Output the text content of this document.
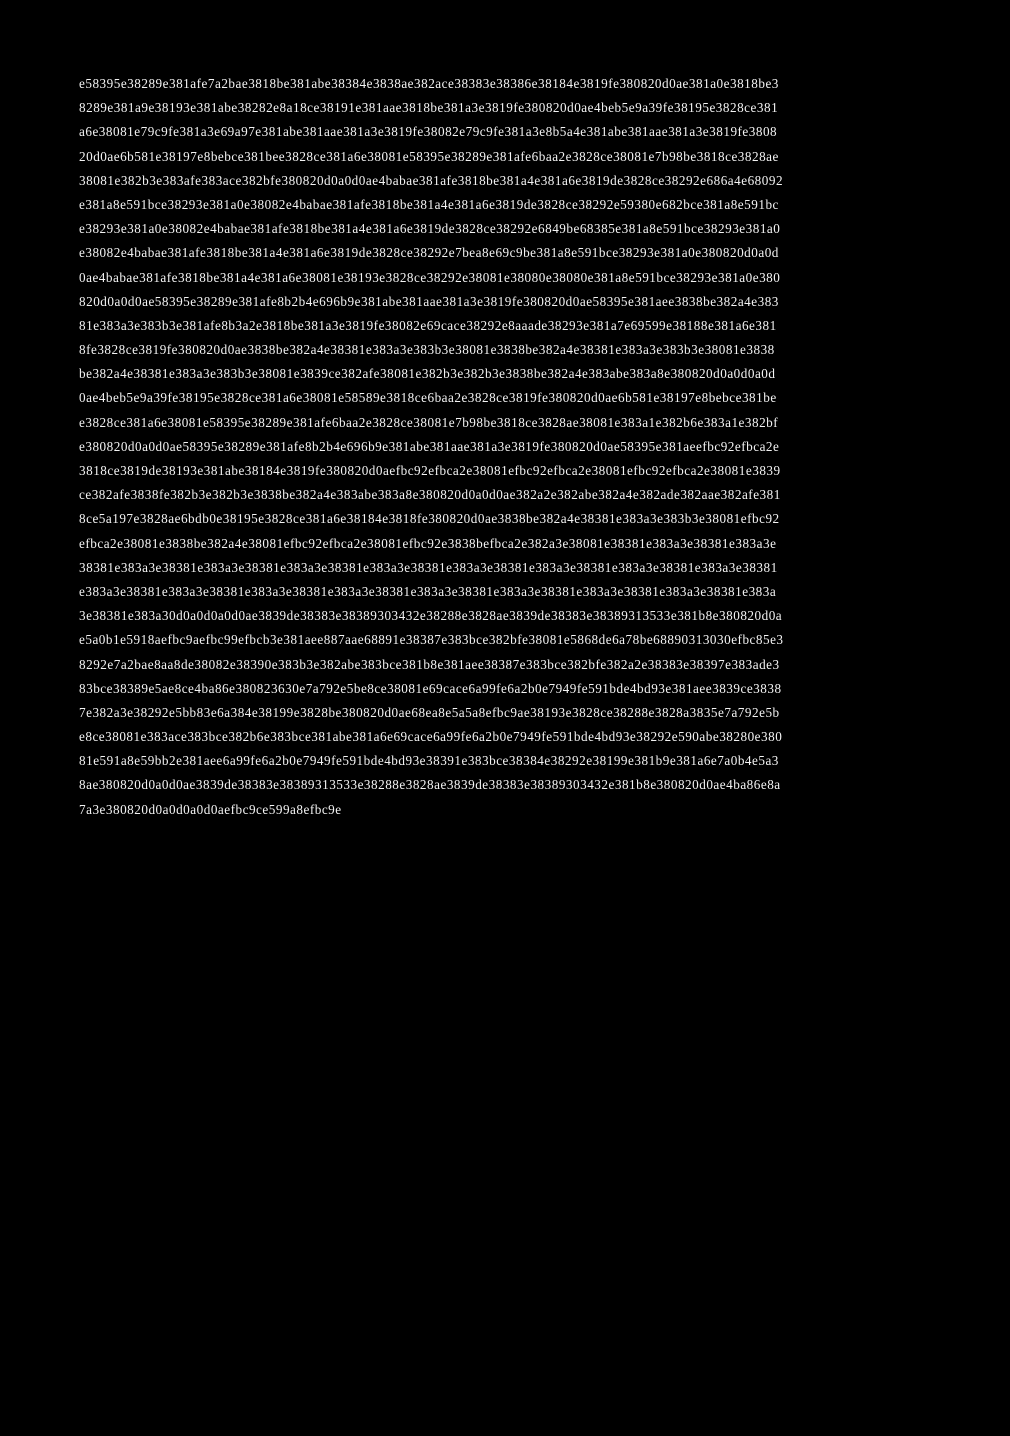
e58395e38289e381afe7a2bae3818be381abe38384e3838ae382ace38383e38386e38184e3819fe380820d0ae381a0e3818be3
8289e381a9e38193e381abe38282e8a18ce38191e381aae3818be381a3e3819fe380820d0ae4beb5e9a39fe38195e3828ce381
a6e38081e79c9fe381a3e69a97e381abe381aae381a3e3819fe38082e79c9fe381a3e8b5a4e381abe381aae381a3e3819fe3808
20d0ae6b581e38197e8bebce381bee3828ce381a6e38081e58395e38289e381afe6baa2e3828ce38081e7b98be3818ce3828ae
38081e382b3e383afe383ace382bfe380820d0a0d0ae4babae381afe3818be381a4e381a6e3819de3828ce38292e686a4e68092
e381a8e591bce38293e381a0e38082e4babae381afe3818be381a4e381a6e3819de3828ce38292e59380e682bce381a8e591bc
e38293e381a0e38082e4babae381afe3818be381a4e381a6e3819de3828ce38292e6849be68385e381a8e591bce38293e381a0
e38082e4babae381afe3818be381a4e381a6e3819de3828ce38292e7bea8e69c9be381a8e591bce38293e381a0e380820d0a0d
0ae4babae381afe3818be381a4e381a6e38081e38193e3828ce38292e38081e38080e38080e381a8e591bce38293e381a0e380
820d0a0d0ae58395e38289e381afe8b2b4e696b9e381abe381aae381a3e3819fe380820d0ae58395e381aee3838be382a4e383
81e383a3e383b3e381afe8b3a2e3818be381a3e3819fe38082e69cace38292e8aaade38293e381a7e69599e38188e381a6e381
8fe3828ce3819fe380820d0ae3838be382a4e38381e383a3e383b3e38081e3838be382a4e38381e383a3e383b3e38081e3838
be382a4e38381e383a3e383b3e38081e3839ce382afe38081e382b3e382b3e3838be382a4e383abe383a8e380820d0a0d0a0d
0ae4beb5e9a39fe38195e3828ce381a6e38081e58589e3818ce6baa2e3828ce3819fe380820d0ae6b581e38197e8bebce381be
e3828ce381a6e38081e58395e38289e381afe6baa2e3828ce38081e7b98be3818ce3828ae38081e383a1e382b6e383a1e382bf
e380820d0a0d0ae58395e38289e381afe8b2b4e696b9e381abe381aae381a3e3819fe380820d0ae58395e381aeefbc92efbca2e
3818ce3819de38193e381abe38184e3819fe380820d0aefbc92efbca2e38081efbc92efbca2e38081efbc92efbca2e38081e3839
ce382afe3838fe382b3e382b3e3838be382a4e383abe383a8e380820d0a0d0ae382a2e382abe382a4e382ade382aae382afe381
8ce5a197e3828ae6bdb0e38195e3828ce381a6e38184e3818fe380820d0ae3838be382a4e38381e383a3e383b3e38081efbc92
efbca2e38081e3838be382a4e38081efbc92efbca2e38081efbc92e3838befbca2e382a3e38081e38381e383a3e38381e383a3e
38381e383a3e38381e383a3e38381e383a3e38381e383a3e38381e383a3e38381e383a3e38381e383a3e38381e383a3e38381
e383a3e38381e383a3e38381e383a3e38381e383a3e38381e383a3e38381e383a3e38381e383a3e38381e383a3e38381e383a
3e38381e383a30d0a0d0a0d0ae3839de38383e38389303432e38288e3828ae3839de38383e38389313533e381b8e380820d0a
e5a0b1e5918aefbc9aefbc99efbcb3e381aee887aae68891e38387e383bce382bfe38081e5868de6a78be68890313030efbc85e3
8292e7a2bae8aa8de38082e38390e383b3e382abe383bce381b8e381aee38387e383bce382bfe382a2e38383e38397e383ade3
83bce38389e5ae8ce4ba86e380823630e7a792e5be8ce38081e69cace6a99fe6a2b0e7949fe591bde4bd93e381aee3839ce3838
7e382a3e38292e5bb83e6a384e38199e3828be380820d0ae68ea8e5a5a8efbc9ae38193e3828ce38288e3828a3835e7a792e5b
e8ce38081e383ace383bce382b6e383bce381abe381a6e69cace6a99fe6a2b0e7949fe591bde4bd93e38292e590abe38280e380
81e591a8e59bb2e381aee6a99fe6a2b0e7949fe591bde4bd93e38391e383bce38384e38292e38199e381b9e381a6e7a0b4e5a3
8ae380820d0a0d0ae3839de38383e38389313533e38288e3828ae3839de38383e38389303432e381b8e380820d0ae4ba86e8a
7a3e380820d0a0d0a0d0aefbc9ce599a8efbc9e
